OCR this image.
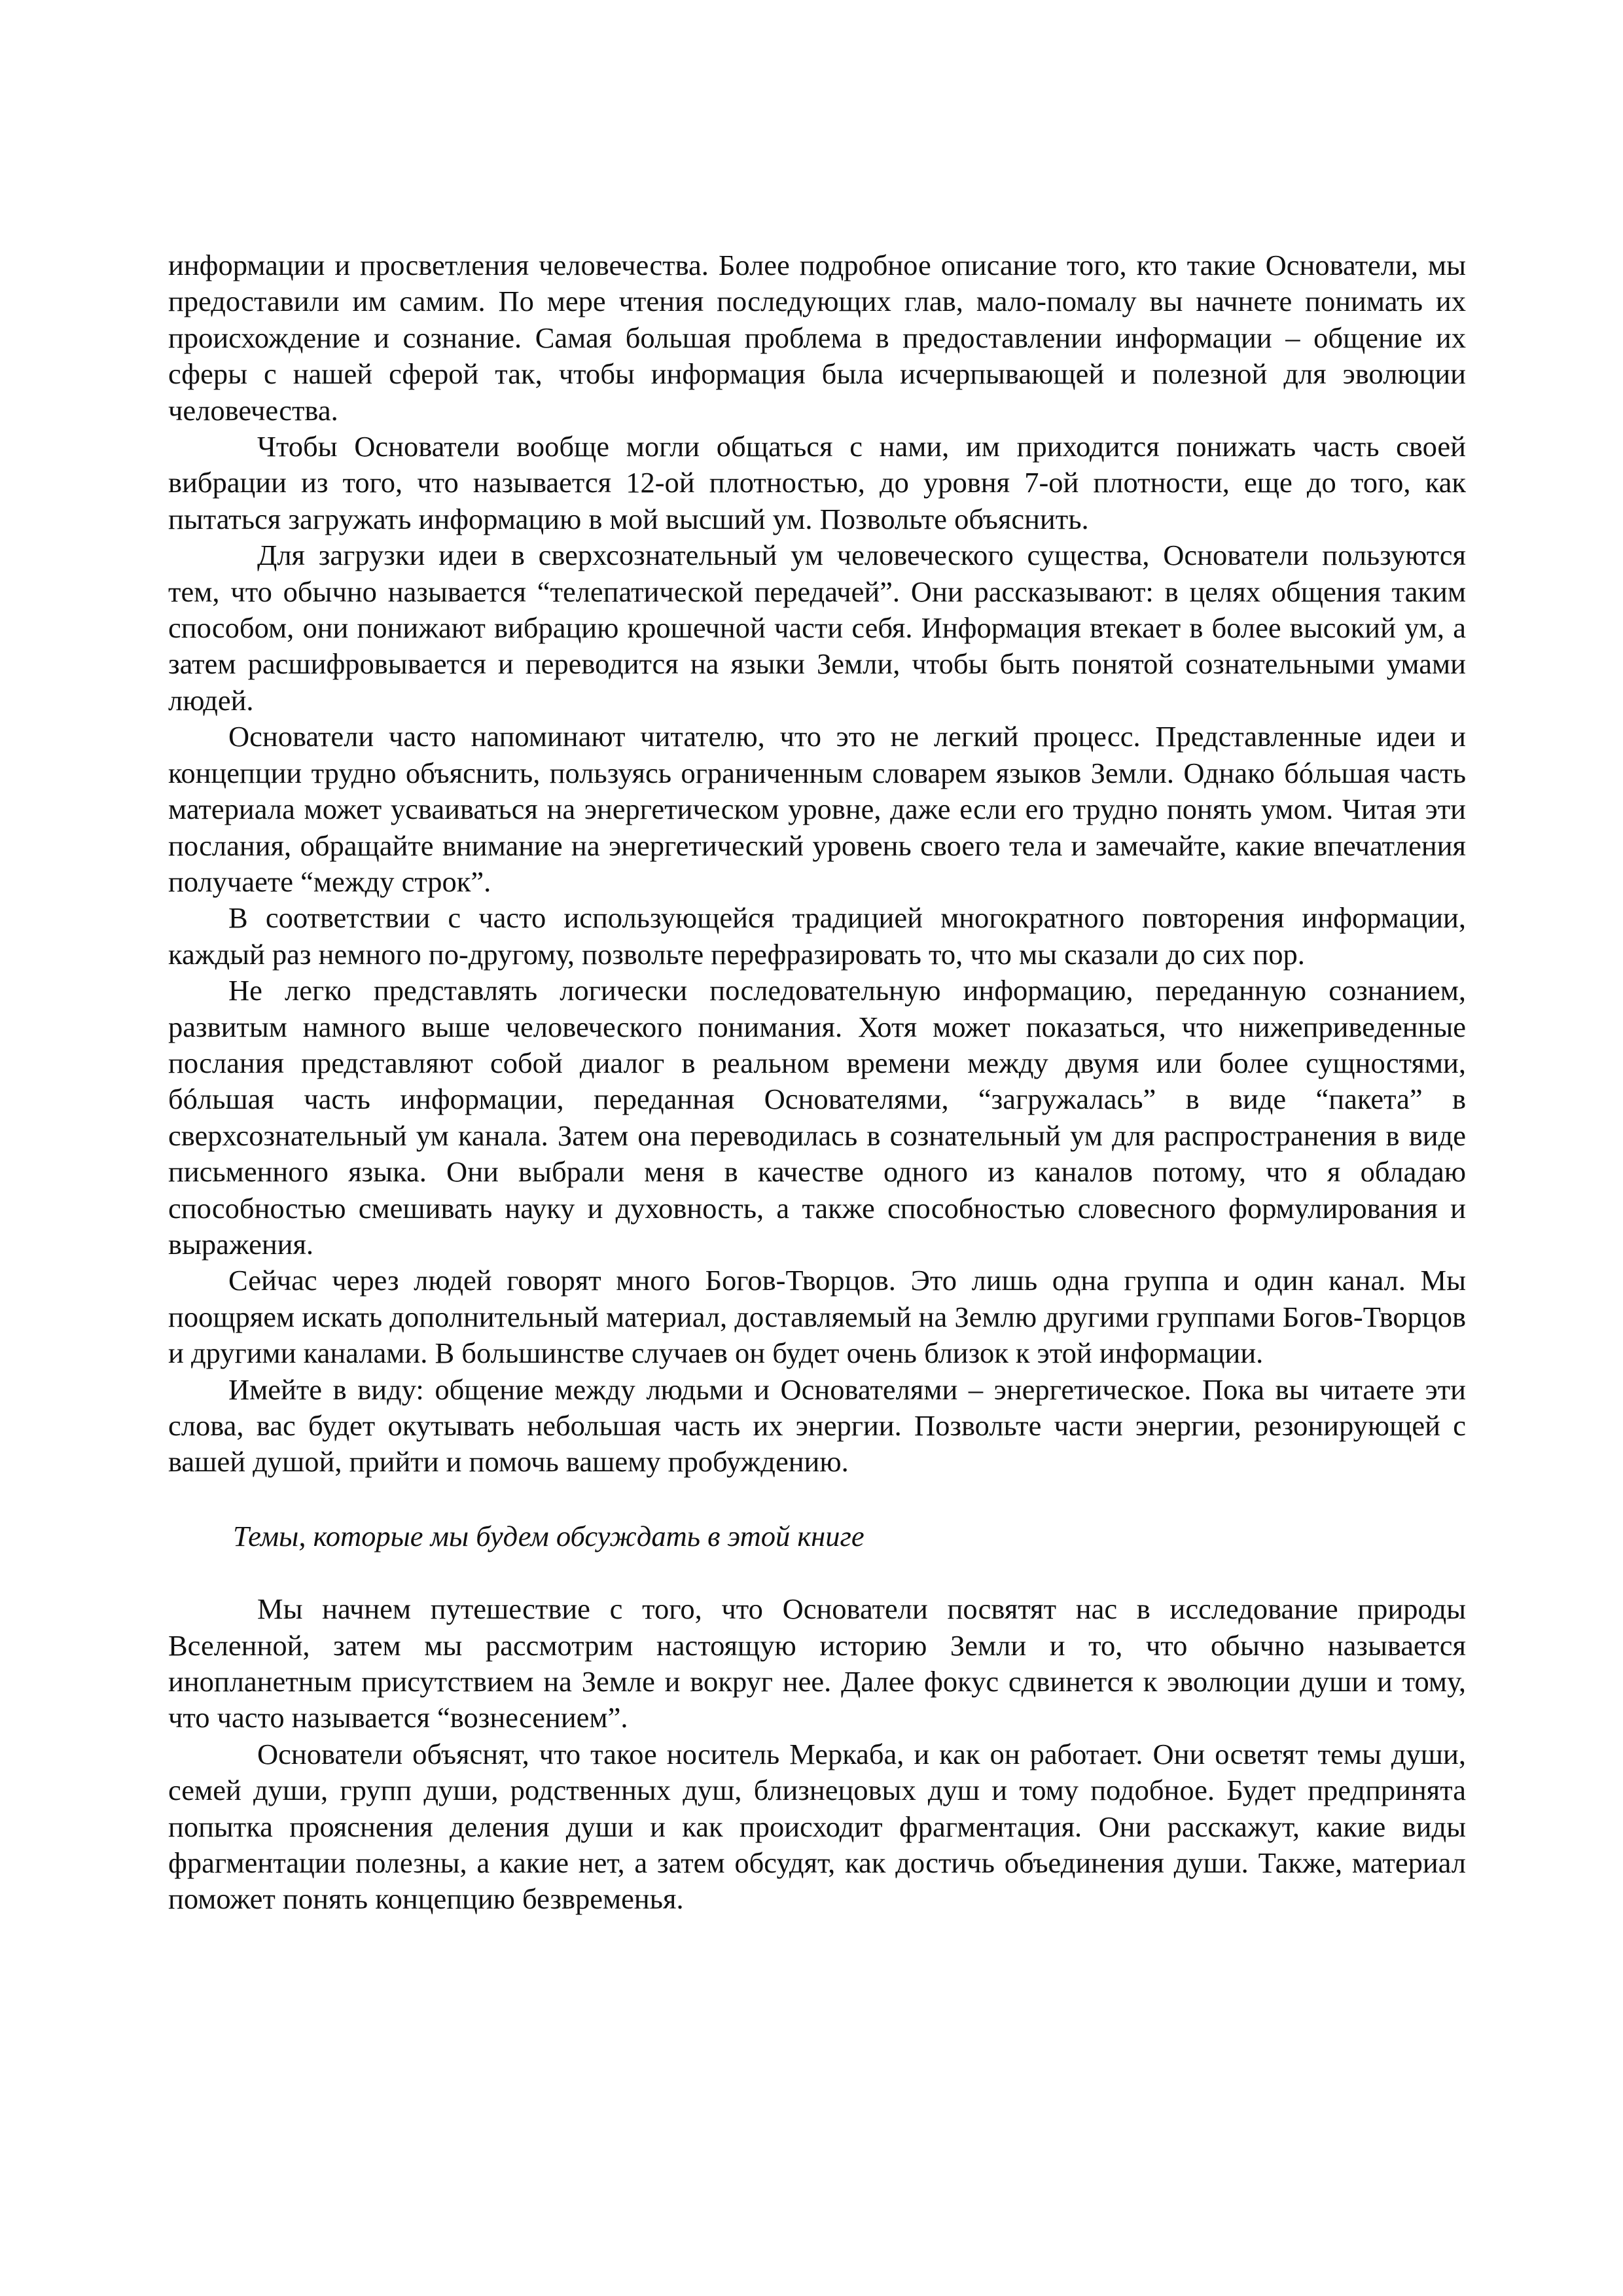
информации и просветления человечества. Более подробное описание того, кто такие Основатели, мы предоставили им самим. По мере чтения последующих глав, мало-помалу вы начнете понимать их происхождение и сознание. Самая большая проблема в предоставлении информации – общение их сферы с нашей сферой так, чтобы информация была исчерпывающей и полезной для эволюции человечества.

Чтобы Основатели вообще могли общаться с нами, им приходится понижать часть своей вибрации из того, что называется 12-ой плотностью, до уровня 7-ой плотности, еще до того, как пытаться загружать информацию в мой высший ум. Позвольте объяснить.

Для загрузки идеи в сверхсознательный ум человеческого существа, Основатели пользуются тем, что обычно называется “телепатической передачей”. Они рассказывают: в целях общения таким способом, они понижают вибрацию крошечной части себя. Информация втекает в более высокий ум, а затем расшифровывается и переводится на языки Земли, чтобы быть понятой сознательными умами людей.

Основатели часто напоминают читателю, что это не легкий процесс. Представленные идеи и концепции трудно объяснить, пользуясь ограниченным словарем языков Земли. Однако бóльшая часть материала может усваиваться на энергетическом уровне, даже если его трудно понять умом. Читая эти послания, обращайте внимание на энергетический уровень своего тела и замечайте, какие впечатления получаете “между строк”.

В соответствии с часто использующейся традицией многократного повторения информации, каждый раз немного по-другому, позвольте перефразировать то, что мы сказали до сих пор.

Не легко представлять логически последовательную информацию, переданную сознанием, развитым намного выше человеческого понимания. Хотя может показаться, что нижеприведенные послания представляют собой диалог в реальном времени между двумя или более сущностями, бóльшая часть информации, переданная Основателями, “загружалась” в виде “пакета” в сверхсознательный ум канала. Затем она переводилась в сознательный ум для распространения в виде письменного языка. Они выбрали меня в качестве одного из каналов потому, что я обладаю способностью смешивать науку и духовность, а также способностью словесного формулирования и выражения.

Сейчас через людей говорят много Богов-Творцов. Это лишь одна группа и один канал. Мы поощряем искать дополнительный материал, доставляемый на Землю другими группами Богов-Творцов и другими каналами. В большинстве случаев он будет очень близок к этой информации.

Имейте в виду: общение между людьми и Основателями – энергетическое. Пока вы читаете эти слова, вас будет окутывать небольшая часть их энергии. Позвольте части энергии, резонирующей с вашей душой, прийти и помочь вашему пробуждению.

Темы, которые мы будем обсуждать в этой книге

Мы начнем путешествие с того, что Основатели посвятят нас в исследование природы Вселенной, затем мы рассмотрим настоящую историю Земли и то, что обычно называется инопланетным присутствием на Земле и вокруг нее. Далее фокус сдвинется к эволюции души и тому, что часто называется “вознесением”.

Основатели объяснят, что такое носитель Меркаба, и как он работает. Они осветят темы души, семей души, групп души, родственных душ, близнецовых душ и тому подобное. Будет предпринята попытка прояснения деления души и как происходит фрагментация. Они расскажут, какие виды фрагментации полезны, а какие нет, а затем обсудят, как достичь объединения души. Также, материал поможет понять концепцию безвременья.
